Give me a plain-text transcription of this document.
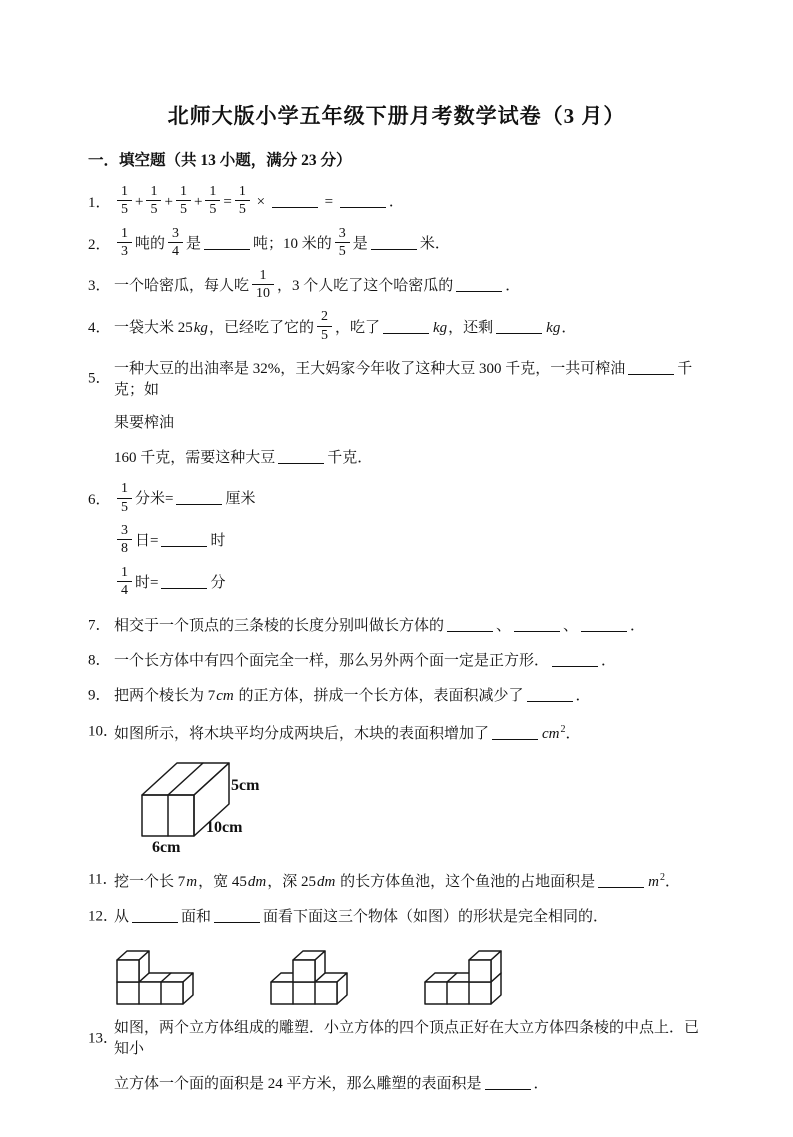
北师大版小学五年级下册月考数学试卷（3 月）
一．填空题（共 13 小题，满分 23 分）
1． $\frac{1}{5} + \frac{1}{5} + \frac{1}{5} + \frac{1}{5} = \frac{1}{5}$ ×	=	．
2． $\frac{1}{3}$ 吨的 $\frac{3}{4}$ 是	吨；10 米的 $\frac{3}{5}$ 是	米．
3． 一个哈密瓜，每人吃 $\frac{1}{10}$ ，3 个人吃了这个哈密瓜的	．
4． 一袋大米 25kg，已经吃了它的 $\frac{2}{5}$ ，吃了	kg，还剩	kg．
5．
一种大豆的出油率是 32%，王大妈家今年收了这种大豆 300 千克，一共可榨油	千克；如
果要榨油
160 千克，需要这种大豆	千克．
6． $\frac{1}{5}$ 分米=	厘米
$\frac{3}{8}$ 日=	时
$\frac{1}{4}$ 时=	分
7． 相交于一个顶点的三条棱的长度分别叫做长方体的	、	、	．
8． 一个长方体中有四个面完全一样，那么另外两个面一定是正方形．	．
9． 把两个棱长为 7cm 的正方体，拼成一个长方体，表面积减少了	．
10．
如图所示，将木块平均分成两块后，木块的表面积增加了	$cm^2$．
5cm
10cm
6cm
11．
挖一个长 7m，宽 45dm，深 25dm 的长方体鱼池，这个鱼池的占地面积是	$m^2$．
12．
从	面和	面看下面这三个物体（如图）的形状是完全相同的．
13．
如图，两个立方体组成的雕塑．小立方体的四个顶点正好在大立方体四条棱的中点上．已知小
立方体一个面的面积是 24 平方米，那么雕塑的表面积是	．
